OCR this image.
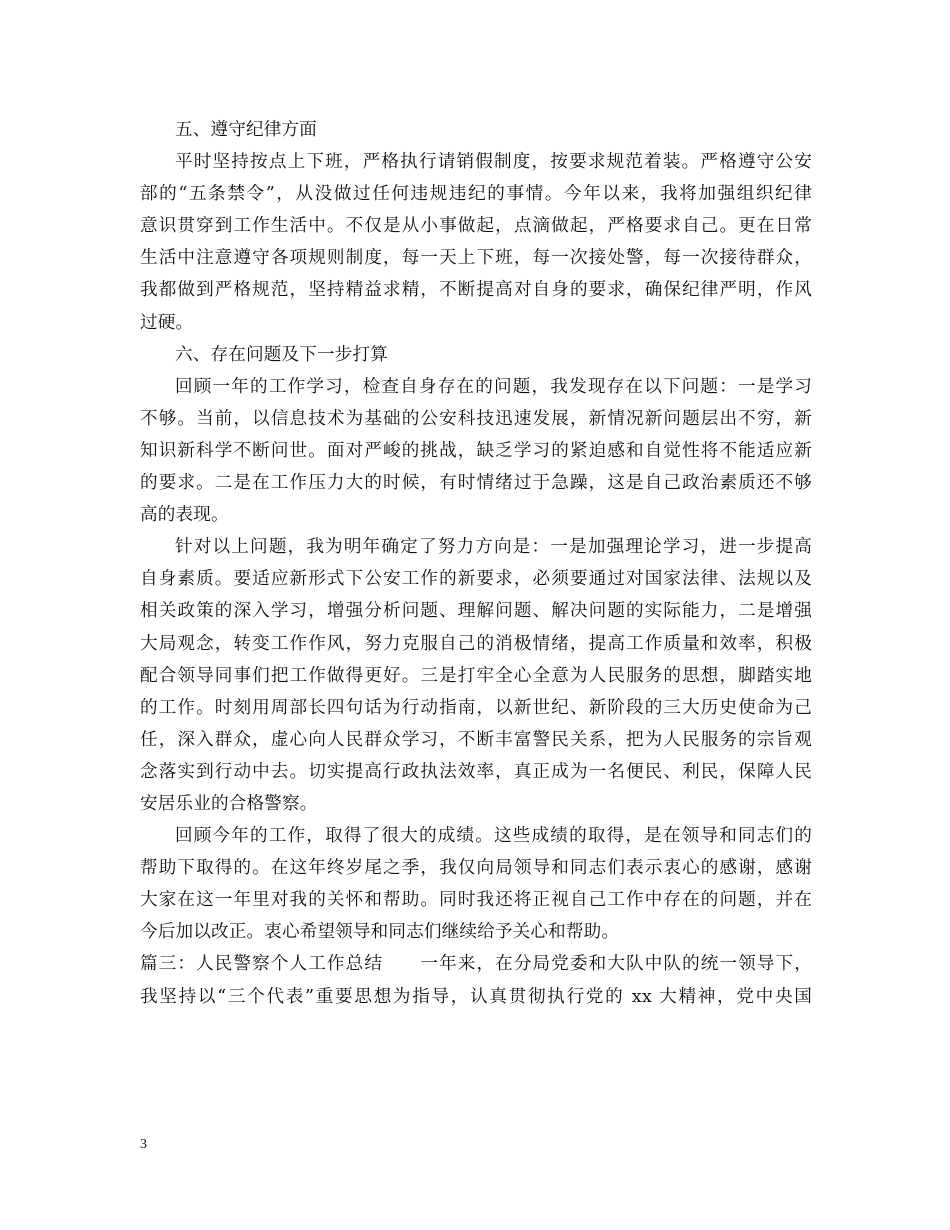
五、遵守纪律方面
平时坚持按点上下班，严格执行请销假制度，按要求规范着装。严格遵守公安
部的“五条禁令”，从没做过任何违规违纪的事情。今年以来，我将加强组织纪律
意识贯穿到工作生活中。不仅是从小事做起，点滴做起，严格要求自己。更在日常
生活中注意遵守各项规则制度，每一天上下班，每一次接处警，每一次接待群众，
我都做到严格规范，坚持精益求精，不断提高对自身的要求，确保纪律严明，作风
过硬。
六、存在问题及下一步打算
回顾一年的工作学习，检查自身存在的问题，我发现存在以下问题：一是学习
不够。当前，以信息技术为基础的公安科技迅速发展，新情况新问题层出不穷，新
知识新科学不断问世。面对严峻的挑战，缺乏学习的紧迫感和自觉性将不能适应新
的要求。二是在工作压力大的时候，有时情绪过于急躁，这是自己政治素质还不够
高的表现。
针对以上问题，我为明年确定了努力方向是：一是加强理论学习，进一步提高
自身素质。要适应新形式下公安工作的新要求，必须要通过对国家法律、法规以及
相关政策的深入学习，增强分析问题、理解问题、解决问题的实际能力，二是增强
大局观念，转变工作作风，努力克服自己的消极情绪，提高工作质量和效率，积极
配合领导同事们把工作做得更好。三是打牢全心全意为人民服务的思想，脚踏实地
的工作。时刻用周部长四句话为行动指南，以新世纪、新阶段的三大历史使命为己
任，深入群众，虚心向人民群众学习，不断丰富警民关系，把为人民服务的宗旨观
念落实到行动中去。切实提高行政执法效率，真正成为一名便民、利民，保障人民
安居乐业的合格警察。
回顾今年的工作，取得了很大的成绩。这些成绩的取得，是在领导和同志们的
帮助下取得的。在这年终岁尾之季，我仅向局领导和同志们表示衷心的感谢，感谢
大家在这一年里对我的关怀和帮助。同时我还将正视自己工作中存在的问题，并在
今后加以改正。衷心希望领导和同志们继续给予关心和帮助。
篇三：人民警察个人工作总结　　一年来，在分局党委和大队中队的统一领导下，
我坚持以“三个代表”重要思想为指导，认真贯彻执行党的 xx 大精神，党中央国
3
